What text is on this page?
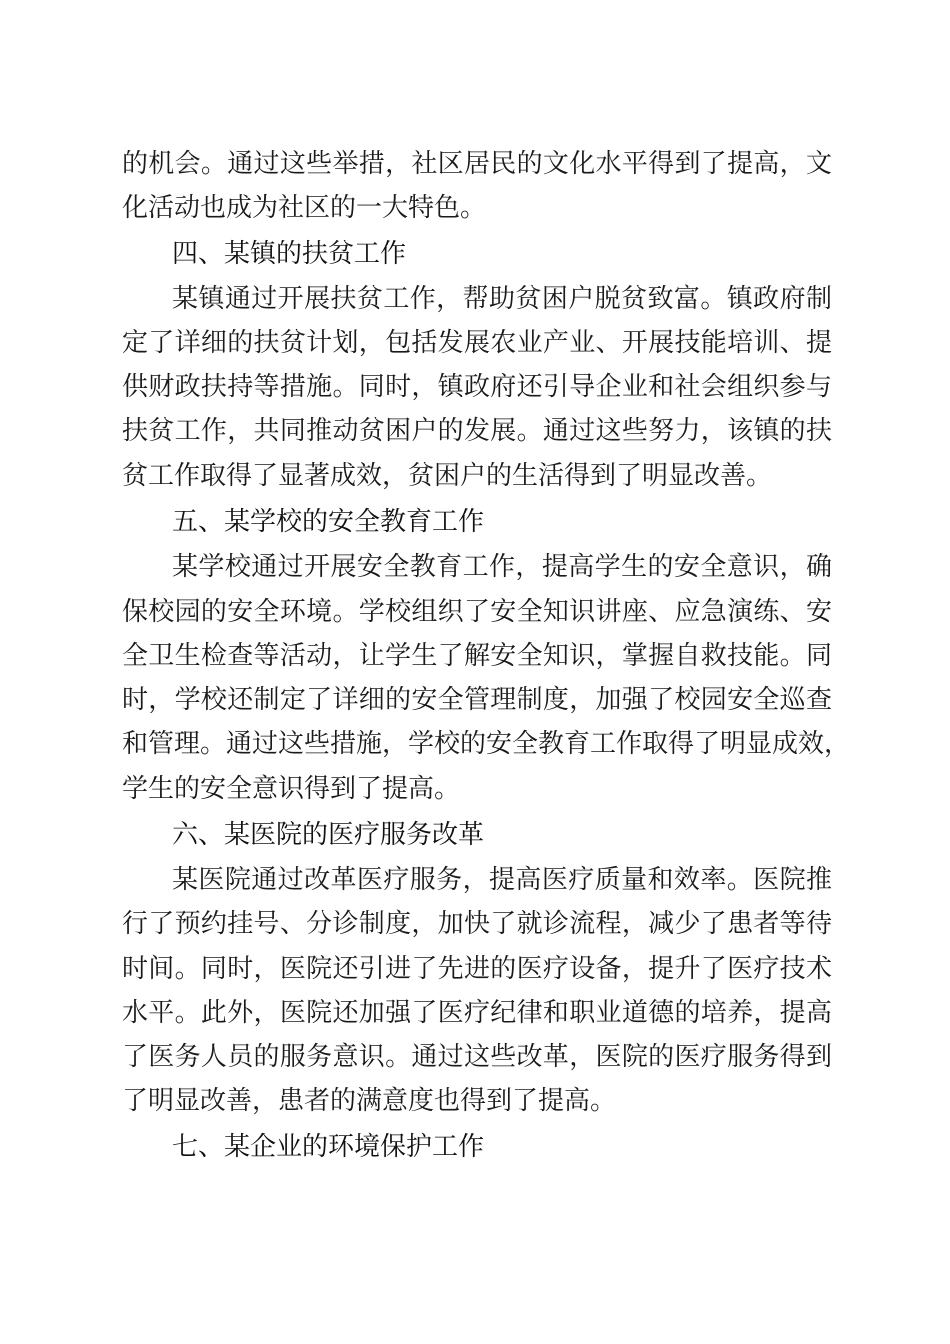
的机会。通过这些举措，社区居民的文化水平得到了提高，文
化活动也成为社区的一大特色。
四、某镇的扶贫工作
某镇通过开展扶贫工作，帮助贫困户脱贫致富。镇政府制
定了详细的扶贫计划，包括发展农业产业、开展技能培训、提
供财政扶持等措施。同时，镇政府还引导企业和社会组织参与
扶贫工作，共同推动贫困户的发展。通过这些努力，该镇的扶
贫工作取得了显著成效，贫困户的生活得到了明显改善。
五、某学校的安全教育工作
某学校通过开展安全教育工作，提高学生的安全意识，确
保校园的安全环境。学校组织了安全知识讲座、应急演练、安
全卫生检查等活动，让学生了解安全知识，掌握自救技能。同
时，学校还制定了详细的安全管理制度，加强了校园安全巡查
和管理。通过这些措施，学校的安全教育工作取得了明显成效，
学生的安全意识得到了提高。
六、某医院的医疗服务改革
某医院通过改革医疗服务，提高医疗质量和效率。医院推
行了预约挂号、分诊制度，加快了就诊流程，减少了患者等待
时间。同时，医院还引进了先进的医疗设备，提升了医疗技术
水平。此外，医院还加强了医疗纪律和职业道德的培养，提高
了医务人员的服务意识。通过这些改革，医院的医疗服务得到
了明显改善，患者的满意度也得到了提高。
七、某企业的环境保护工作
